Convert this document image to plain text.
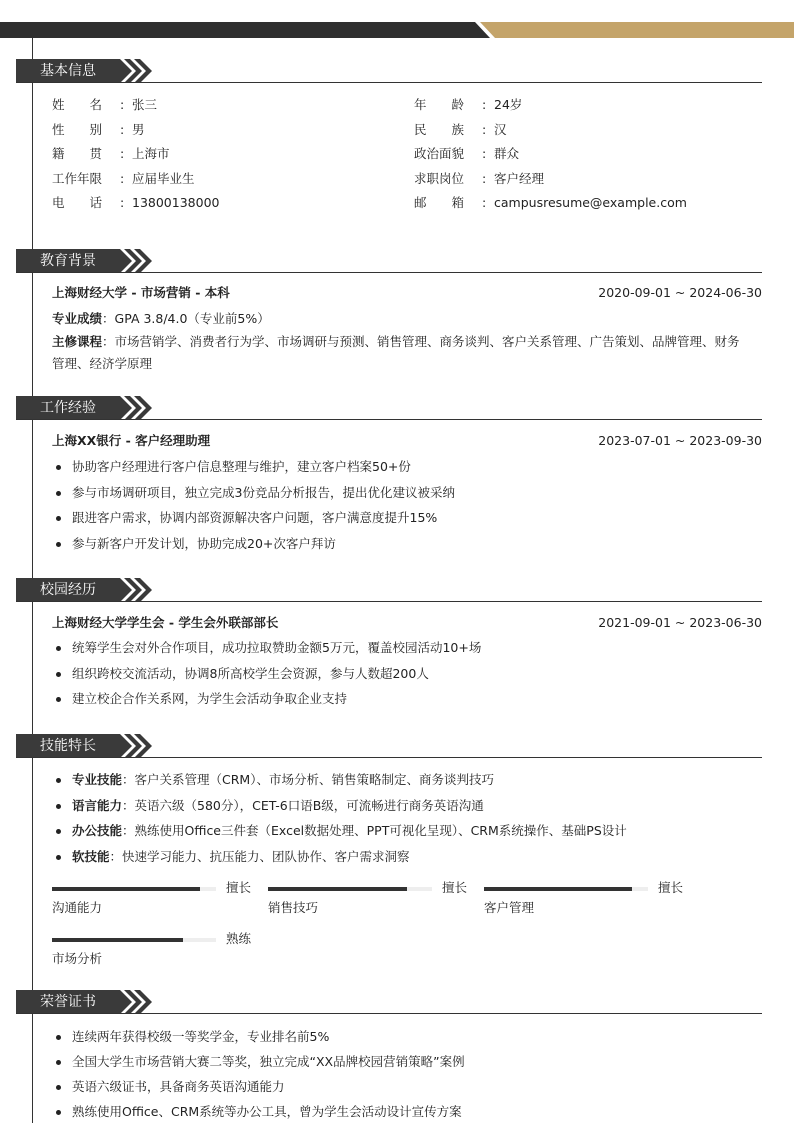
基本信息
姓　　名 : 张三
性　　别 : 男
籍　　贯 : 上海市
工作年限 : 应届毕业生
电　　话 : 13800138000
年　　龄 : 24岁
民　　族 : 汉
政治面貌 : 群众
求职岗位 : 客户经理
邮　　箱 : campusresume@example.com
教育背景
上海财经大学 - 市场营销 - 本科	2020-09-01 ~ 2024-06-30
专业成绩：GPA 3.8/4.0（专业前5%）
主修课程：市场营销学、消费者行为学、市场调研与预测、销售管理、商务谈判、客户关系管理、广告策划、品牌管理、财务
管理、经济学原理
工作经验
上海XX银行 - 客户经理助理	2023-07-01 ~ 2023-09-30
协助客户经理进行客户信息整理与维护，建立客户档案50+份
参与市场调研项目，独立完成3份竞品分析报告，提出优化建议被采纳
跟进客户需求，协调内部资源解决客户问题，客户满意度提升15%
参与新客户开发计划，协助完成20+次客户拜访
校园经历
上海财经大学学生会 - 学生会外联部部长	2021-09-01 ~ 2023-06-30
统筹学生会对外合作项目，成功拉取赞助金额5万元，覆盖校园活动10+场
组织跨校交流活动，协调8所高校学生会资源，参与人数超200人
建立校企合作关系网，为学生会活动争取企业支持
技能特长
专业技能：客户关系管理（CRM）、市场分析、销售策略制定、商务谈判技巧
语言能力：英语六级（580分），CET-6口语B级，可流畅进行商务英语沟通
办公技能：熟练使用Office三件套（Excel数据处理、PPT可视化呈现）、CRM系统操作、基础PS设计
软技能：快速学习能力、抗压能力、团队协作、客户需求洞察
擅长
沟通能力
擅长
销售技巧
擅长
客户管理
熟练
市场分析
荣誉证书
连续两年获得校级一等奖学金，专业排名前5%
全国大学生市场营销大赛二等奖，独立完成“XX品牌校园营销策略”案例
英语六级证书，具备商务英语沟通能力
熟练使用Office、CRM系统等办公工具，曾为学生会活动设计宣传方案
